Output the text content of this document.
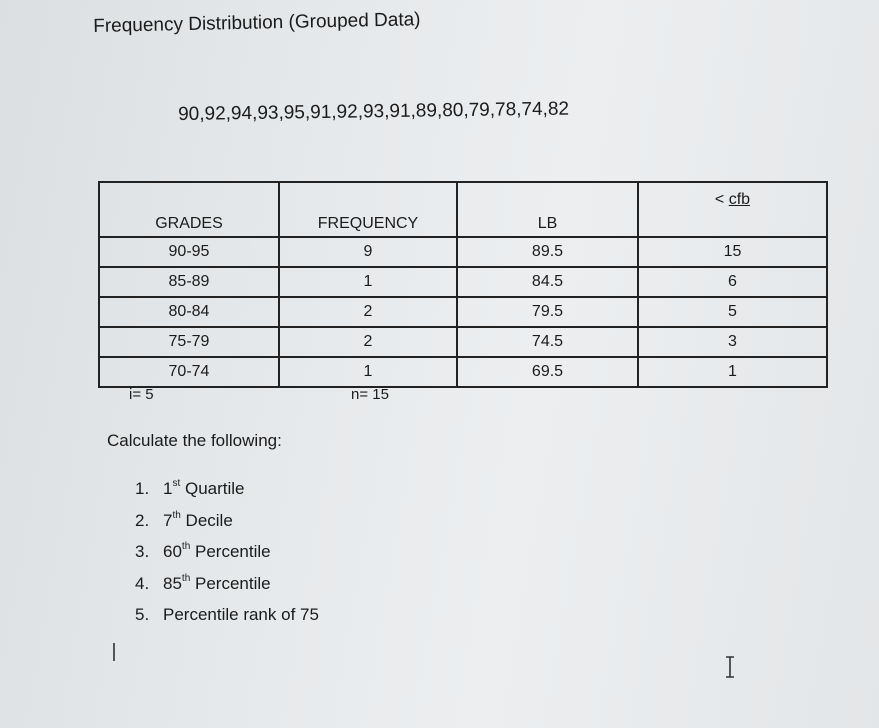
Frequency Distribution (Grouped Data)
90,92,94,93,95,91,92,93,91,89,80,79,78,74,82
GRADES	FREQUENCY	LB	< cfb
90-95	9	89.5	15
85-89	1	84.5	6
80-84	2	79.5	5
75-79	2	74.5	3
70-74	1	69.5	1
i= 5	n= 15
Calculate the following:
1. 1st Quartile
2. 7th Decile
3. 60th Percentile
4. 85th Percentile
5. Percentile rank of 75
